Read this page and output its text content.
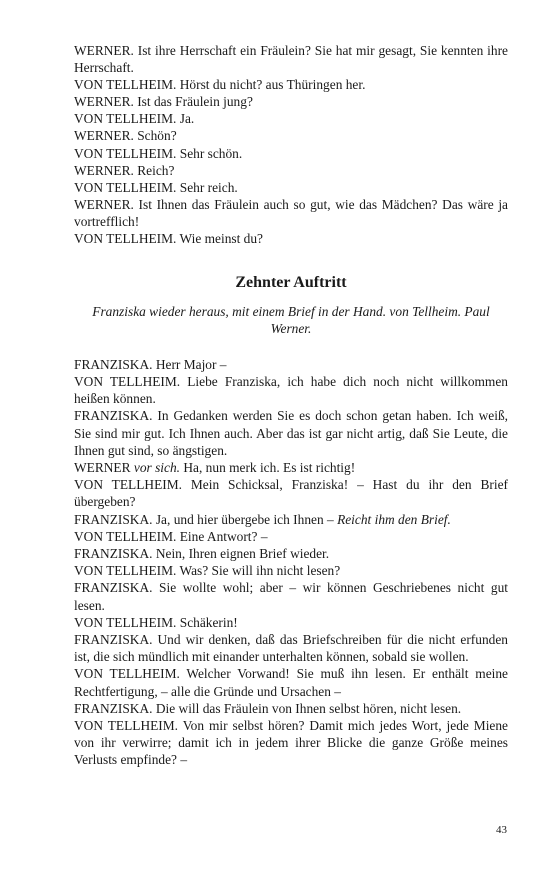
WERNER. Ist ihre Herrschaft ein Fräulein? Sie hat mir gesagt, Sie kennten ihre Herrschaft.

VON TELLHEIM. Hörst du nicht? aus Thüringen her.

WERNER. Ist das Fräulein jung?

VON TELLHEIM. Ja.

WERNER. Schön?

VON TELLHEIM. Sehr schön.

WERNER. Reich?

VON TELLHEIM. Sehr reich.

WERNER. Ist Ihnen das Fräulein auch so gut, wie das Mädchen? Das wäre ja vortrefflich!

VON TELLHEIM. Wie meinst du?

Zehnter Auftritt

Franziska wieder heraus, mit einem Brief in der Hand. von Tellheim. Paul Werner.

FRANZISKA. Herr Major –

VON TELLHEIM. Liebe Franziska, ich habe dich noch nicht willkommen heißen können.

FRANZISKA. In Gedanken werden Sie es doch schon getan haben. Ich weiß, Sie sind mir gut. Ich Ihnen auch. Aber das ist gar nicht artig, daß Sie Leute, die Ihnen gut sind, so ängstigen.

WERNER vor sich. Ha, nun merk ich. Es ist richtig!

VON TELLHEIM. Mein Schicksal, Franziska! – Hast du ihr den Brief übergeben?

FRANZISKA. Ja, und hier übergebe ich Ihnen – Reicht ihm den Brief.

VON TELLHEIM. Eine Antwort? –

FRANZISKA. Nein, Ihren eignen Brief wieder.

VON TELLHEIM. Was? Sie will ihn nicht lesen?

FRANZISKA. Sie wollte wohl; aber – wir können Geschriebenes nicht gut lesen.

VON TELLHEIM. Schäkerin!

FRANZISKA. Und wir denken, daß das Briefschreiben für die nicht erfunden ist, die sich mündlich mit einander unterhalten können, sobald sie wollen.

VON TELLHEIM. Welcher Vorwand! Sie muß ihn lesen. Er enthält meine Rechtfertigung, – alle die Gründe und Ursachen –

FRANZISKA. Die will das Fräulein von Ihnen selbst hören, nicht lesen.

VON TELLHEIM. Von mir selbst hören? Damit mich jedes Wort, jede Miene von ihr verwirre; damit ich in jedem ihrer Blicke die ganze Größe meines Verlusts empfinde? –

43
